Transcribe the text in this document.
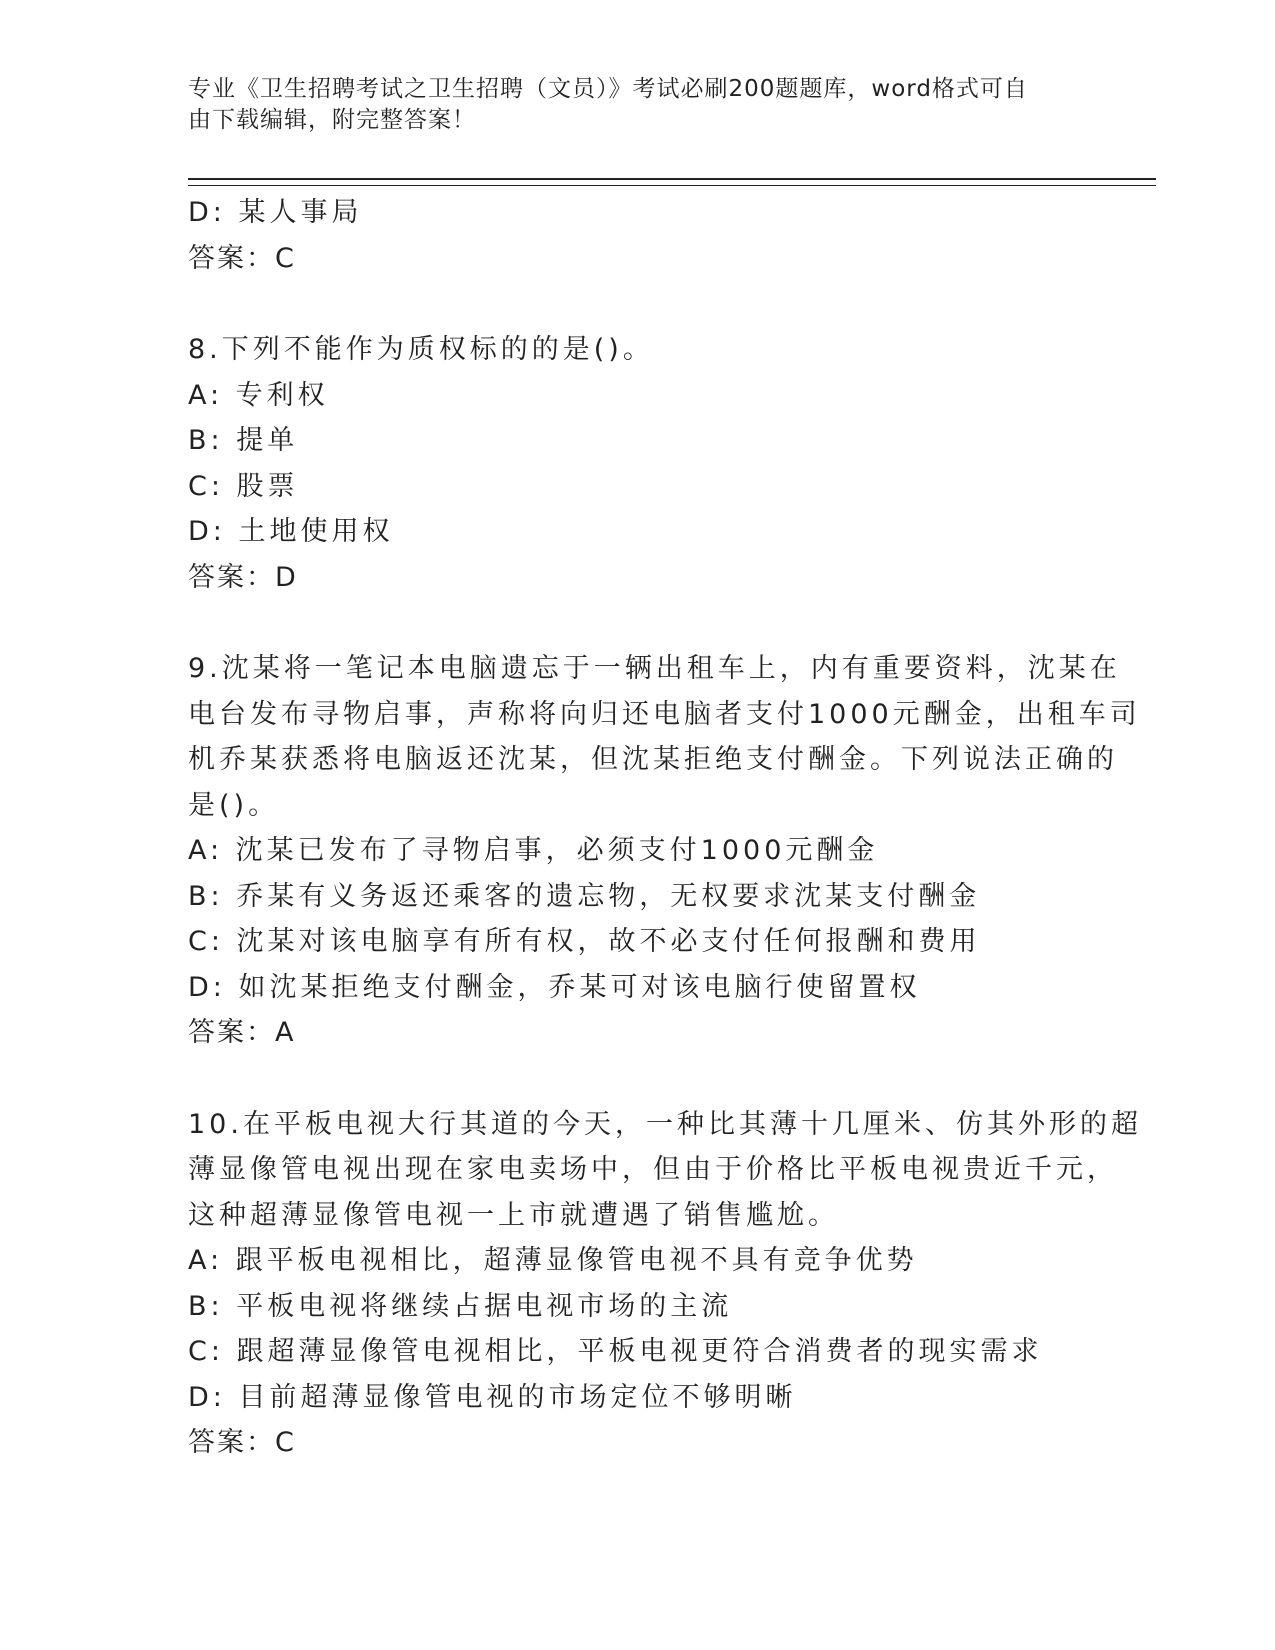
专业《卫生招聘考试之卫生招聘（文员）》考试必刷200题题库，word格式可自
由下载编辑，附完整答案！
D: 某人事局
答案：C
8.下列不能作为质权标的的是()。
A: 专利权
B: 提单
C: 股票
D: 土地使用权
答案：D
9.沈某将一笔记本电脑遗忘于一辆出租车上，内有重要资料，沈某在
电台发布寻物启事，声称将向归还电脑者支付1000元酬金，出租车司
机乔某获悉将电脑返还沈某，但沈某拒绝支付酬金。下列说法正确的
是()。
A: 沈某已发布了寻物启事，必须支付1000元酬金
B: 乔某有义务返还乘客的遗忘物，无权要求沈某支付酬金
C: 沈某对该电脑享有所有权，故不必支付任何报酬和费用
D: 如沈某拒绝支付酬金，乔某可对该电脑行使留置权
答案：A
10.在平板电视大行其道的今天，一种比其薄十几厘米、仿其外形的超
薄显像管电视出现在家电卖场中，但由于价格比平板电视贵近千元，
这种超薄显像管电视一上市就遭遇了销售尴尬。
A: 跟平板电视相比，超薄显像管电视不具有竞争优势
B: 平板电视将继续占据电视市场的主流
C: 跟超薄显像管电视相比，平板电视更符合消费者的现实需求
D: 目前超薄显像管电视的市场定位不够明晰
答案：C
